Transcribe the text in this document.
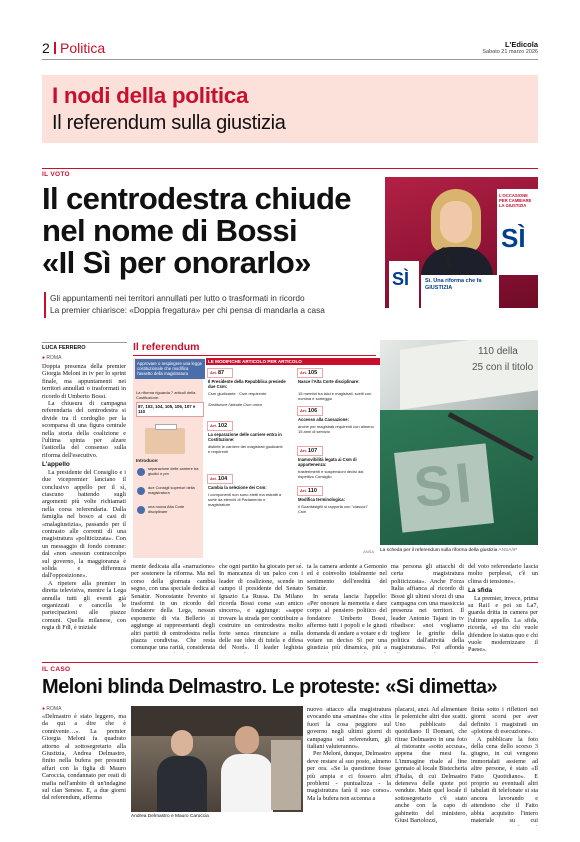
2 Politica	L'Edicola
Sabato 21 marzo 2026
I nodi della politica
Il referendum sulla giustizia
IL VOTO
Il centrodestra chiude
nel nome di Bossi
«Il Sì per onorarlo»
Gli appuntamenti nei territori annullati per lutto o trasformati in ricordo
La premier chiarisce: «Doppia fregatura» per chi pensa di mandarla a casa
L'OCCASIONE PER CAMBIARE LA GIUSTIZIA
SÌ
SÌ	Sì. Una riforma che fa GIUSTIZIA
LUCA FERRERO
● ROMA

Doppia presenza della premier Giorgia Meloni in tv per lo sprint finale, ma appuntamenti nei territori annullati o trasformati in ricordo di Umberto Bossi.

La chiusura di campagna referendaria del centrodestra si divide tra il cordoglio per la scomparsa di una figura centrale nella storia della coalizione e l'ultima spinta per alzare l'asticella del consenso sulla riforma dell'esecutivo.

L'appello

La presidente del Consiglio e i due vicepremier lanciano il conclusivo appello per il sì, ciascuno battendo sugli argomenti più volte richiamati nella corsa referendaria. Dalla famiglia nel bosco ai casi di «malagiustizia», passando per il contrasto alle correnti di una magistratura «politicizzata». Con un messaggio di fondo comune: dal «non «nessun contraccolpo sul governo, la maggioranza è solida e differenza dall'opposizione».

A ripetere alla premier in diretta televisiva, mentre la Lega annulla tutti gli eventi già organizzati e cancella le partecipazioni alle piazze comuni. Quella milanese, con regia di FdI, è iniziale

Il referendum
Approvare o respingere una legge costituzionale che modifica l'assetto della magistratura
La riforma riguarda 7 articoli della Costituzione:
87, 102, 104, 105, 106, 107 e 110
Introduce:
separazione delle carriere tra giudici e pm
due Consigli superiori della magistratura
una nuova Alta Corte disciplinare
LE MODIFICHE ARTICOLO PER ARTICOLO
Art. 87
Il Presidente della Repubblica presiede due Csm:
Csm giudicante · Csm requirente
Sostituisce l'attuale Csm unico
Art. 102
La separazione delle carriere entra in Costituzione:
distinte le carriere dei magistrati giudicanti e requirenti
Art. 104
Cambia la selezione dei Csm:
I componenti non sono eletti ma estratti a sorte da elenchi di Parlamento e magistrature
Art. 105
Nasce l'Alta Corte disciplinare:
15 membri tra laici e magistrati, scelti con nomina e sorteggio
Art. 106
Accesso alla Cassazione:
anche per magistrati requirenti con almeno 15 anni di servizio
Art. 107
Inamovibilità legata ai Csm di appartenenza:
trasferimenti e sospensioni decisi dal rispettivo Consiglio
Art. 110
Modifica terminologica:
il Guardasigilli si rapporta con "ciascun" Csm
ANSA
110 della
25 con il titolo
SI
La scheda per il referendum sulla riforma della giustizia ANSA/IP

mente dedicata alla «narrazione» per sostenere la riforma. Ma nel corso della giornata cambia segno, con una speciale dedica al Senatùr. Nonostante l'evento si trasformi in un ricordo del fondatore della Lega, nessun esponente di via Bellerio si aggiunge ai rappresentanti degli altri partiti di centrodestra nella piazza condivisa. Che resta comunque una rarità, considerata

che ogni partito ha giocato per sé. In mancanza di un palco con i leader di coalizione, scende in campo il presidente del Senato Ignazio La Russa. Da Milano ricorda Bossi come «un amico sincero», e aggiunge: «sappe trovare la strada per contribuire a costruire un centrodestra molto forte senza rinunciare a nulla delle sue idee di tutela e difesa del Nord». Il leader leghista

ta la camera ardente a Gemonio ed è coinvolto totalmente nel sentimento dell'eredità del Senatùr.

In serata lancia l'appello: «Per onorare la memoria e dare corpo al pensiero politico del fondatore Umberto Bossi, affermo tutti i popoli e le giusti domanda di andare a votare e di votare un deciso Sì per una giustizia più dinamica, più a

ma persona gli attacchi di certa magistratura politicizzata». Anche Forza Italia affianca al ricordo di Bossi gli ultimi sforzi di una campagna con una massiccia presenza nei territori. Il leader Antonio Tajani in tv ribadisce: «noi vogliamo togliere le grinfie della politica dall'attività della magistratura». Poi affonda

del voto referendario lascia molto perplessi, c'è un clima di tensione».

La sfida

La premier, invece, prima su Rai1 e poi su La7, guarda dritta in camera per l'ultimo appello. La sfida, ricorda, «è tra chi vuole difendere lo status quo e chi vuole modernizzare il Paese».

IL CASO
Meloni blinda Delmastro. Le proteste: «Si dimetta»
● ROMA

«Delmastro è stato leggero, ma da qui a dire che è connivente…». La premier Giorgia Meloni fa quadrato attorno al sottosegretario alla Giustizia, Andrea Delmastro, finito nella bufera per presunti affari con la figlia di Mauro Caroccia, condannato per reati di mafia nell'ambito di un'indagine sul clan Senese. E, a due giorni dal referendum, afferma

Andrea Delmastro e Mauro Caroccia

nuovo attacco alla magistratura evocando una «manina» che «tira fuori la cosa peggiore sul governo negli ultimi giorni di campagna sul referendum, gli italiani valuteranno».

Per Meloni, dunque, Delmastro deve restare al suo posto, almeno per ora. «Se la questione fosse più ampia e ci fossero altri problemi - puntualizza - la magistratura farà il suo corso». Ma la bufera non accenna a

placarsi, anzi. Ad alimentare le polemiche altri due scatti. Uno pubblicato dal quotidiano Il Domani, che ritrae Delmastro in una foto al ristorante «sotto accusa», appena due mesi fa. L'immagine risale al fine gennaio al locale Bistecheria d'Italia, di cui Delmastro deteneva delle quote poi vendute. Main quel locale il sottosegretario c'è stato anche con la capo di gabinetto del ministero, Giusi Bartolozzi,

finita sotto i riflettori nei giorni scorsi per aver definito i magistrati un «plotone di esecuzione».

A pubblicare la foto della cena dello scorso 3 giugno, in cui vengono immortalati assieme ad altre persone, è stato «Il Fatto Quotidiano». E proprio su eventuali altri tabulati di telefonate si sta ancora lavorando e attendono che il Fatto abbia acquisito l'intero materiale su cui
